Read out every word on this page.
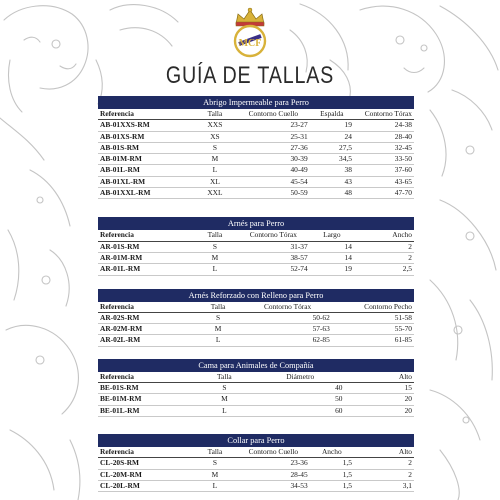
MCF
GUÍA DE TALLAS
Abrigo Impermeable para Perro
Referencia	Talla	Contorno Cuello	Espalda	Contorno Tórax
AB-01XXS-RM	XXS	23-27	19	24-38
AB-01XS-RM	XS	25-31	24	28-40
AB-01S-RM	S	27-36	27,5	32-45
AB-01M-RM	M	30-39	34,5	33-50
AB-01L-RM	L	40-49	38	37-60
AB-01XL-RM	XL	45-54	43	43-65
AB-01XXL-RM	XXL	50-59	48	47-70
Arnés para Perro
Referencia	Talla	Contorno Tórax	Largo	Ancho
AR-01S-RM	S	31-37	14	2
AR-01M-RM	M	38-57	14	2
AR-01L-RM	L	52-74	19	2,5
Arnés Reforzado con Relleno para Perro
Referencia	Talla	Contorno Tórax	Contorno Pecho
AR-02S-RM	S	50-62	51-58
AR-02M-RM	M	57-63	55-70
AR-02L-RM	L	62-85	61-85
Cama para Animales de Compañía
Referencia	Talla	Diámetro	Alto
BE-01S-RM	S	40	15
BE-01M-RM	M	50	20
BE-01L-RM	L	60	20
Collar para Perro
Referencia	Talla	Contorno Cuello	Ancho	Alto
CL-20S-RM	S	23-36	1,5	2
CL-20M-RM	M	28-45	1,5	2
CL-20L-RM	L	34-53	1,5	3,1
